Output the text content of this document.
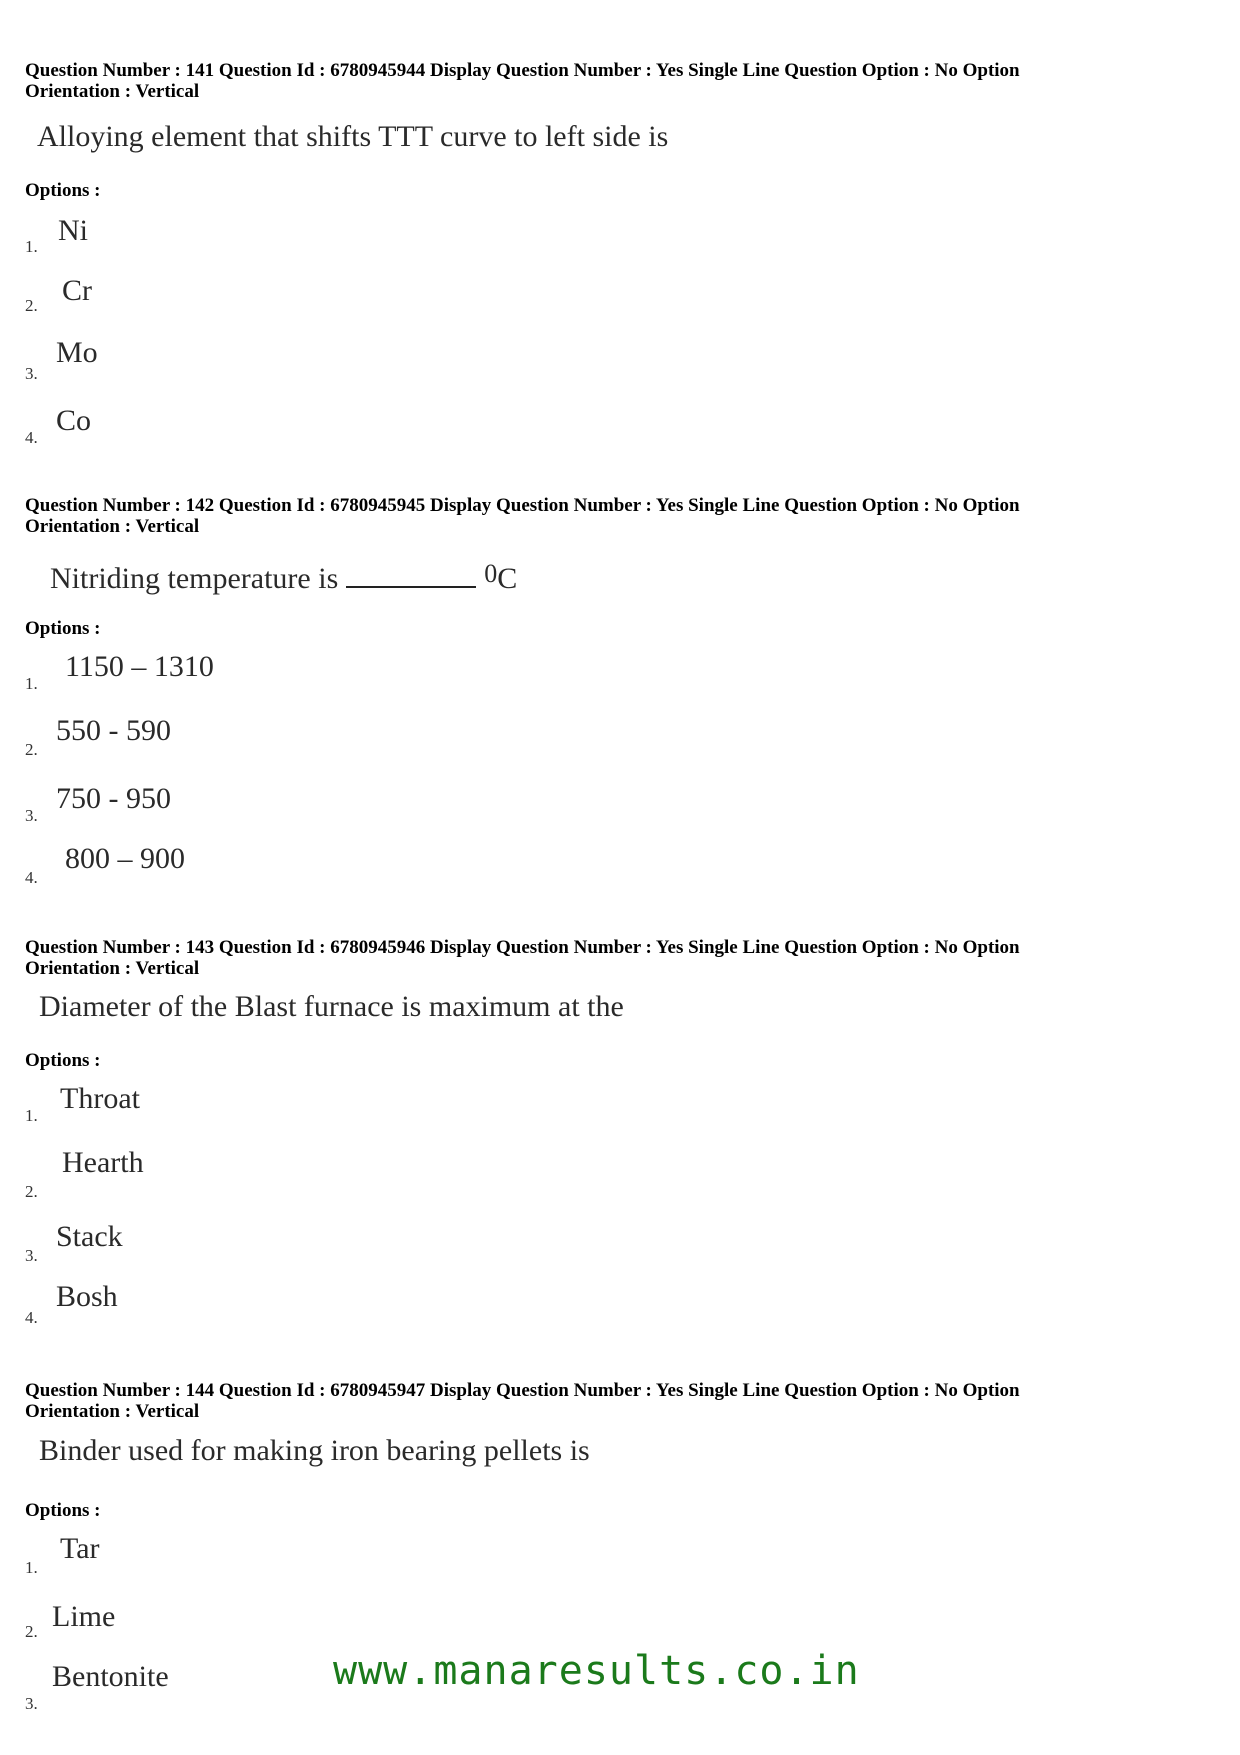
Question Number : 141 Question Id : 6780945944 Display Question Number : Yes Single Line Question Option : No Option
Orientation : Vertical
Alloying element that shifts TTT curve to left side is
Options :
1. Ni
2. Cr
3.
Mo
4.
Co
Question Number : 142 Question Id : 6780945945 Display Question Number : Yes Single Line Question Option : No Option
Orientation : Vertical
Nitriding temperature is	0C
Options :
1.
1150 – 1310
2.
550 - 590
3.
750 - 950
4.
800 – 900
Question Number : 143 Question Id : 6780945946 Display Question Number : Yes Single Line Question Option : No Option
Orientation : Vertical
Diameter of the Blast furnace is maximum at the
Options :
1.
Throat
2.
Hearth
3.
Stack
4.
Bosh
Question Number : 144 Question Id : 6780945947 Display Question Number : Yes Single Line Question Option : No Option
Orientation : Vertical
Binder used for making iron bearing pellets is
Options :
1.
Tar
2. Lime
3.
Bentonite	www.manaresults.co.in
